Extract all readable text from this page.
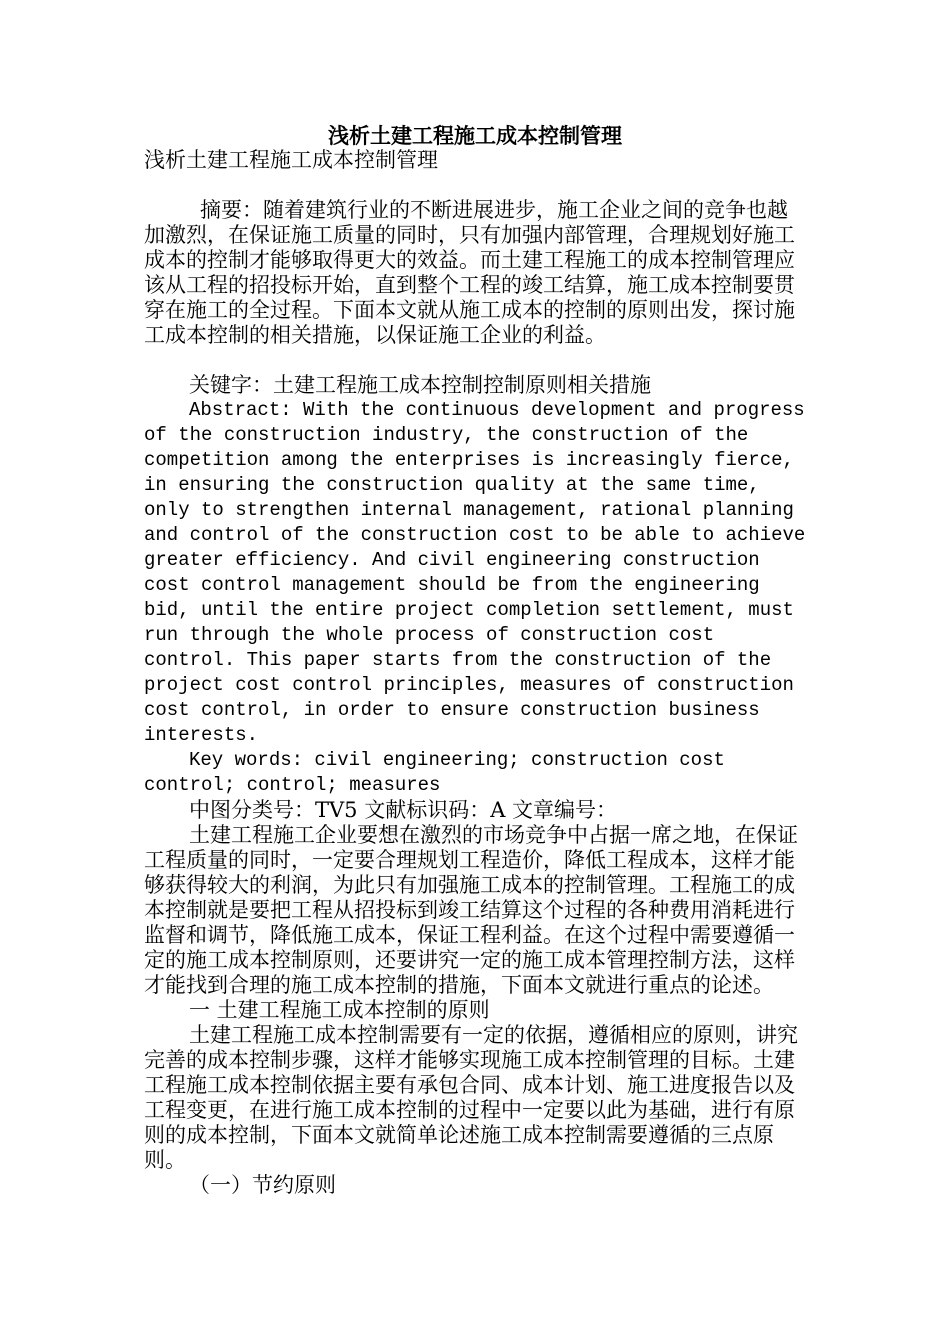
浅析土建工程施工成本控制管理

浅析土建工程施工成本控制管理

摘要：随着建筑行业的不断进展进步，施工企业之间的竞争也越加激烈，在保证施工质量的同时，只有加强内部管理，合理规划好施工成本的控制才能够取得更大的效益。而土建工程施工的成本控制管理应该从工程的招投标开始，直到整个工程的竣工结算，施工成本控制要贯穿在施工的全过程。下面本文就从施工成本的控制的原则出发，探讨施工成本控制的相关措施，以保证施工企业的利益。

关键字：土建工程施工成本控制控制原则相关措施

Abstract: With the continuous development and progress of the construction industry, the construction of the competition among the enterprises is increasingly fierce, in ensuring the construction quality at the same time, only to strengthen internal management, rational planning and control of the construction cost to be able to achieve greater efficiency. And civil engineering construction cost control management should be from the engineering bid, until the entire project completion settlement, must run through the whole process of construction cost control. This paper starts from the construction of the project cost control principles, measures of construction cost control, in order to ensure construction business interests.

Key words: civil engineering; construction cost control; control; measures

中图分类号：TV5 文献标识码：A 文章编号：

土建工程施工企业要想在激烈的市场竞争中占据一席之地，在保证工程质量的同时，一定要合理规划工程造价，降低工程成本，这样才能够获得较大的利润，为此只有加强施工成本的控制管理。工程施工的成本控制就是要把工程从招投标到竣工结算这个过程的各种费用消耗进行监督和调节，降低施工成本，保证工程利益。在这个过程中需要遵循一定的施工成本控制原则，还要讲究一定的施工成本管理控制方法，这样才能找到合理的施工成本控制的措施，下面本文就进行重点的论述。

一 土建工程施工成本控制的原则

土建工程施工成本控制需要有一定的依据，遵循相应的原则，讲究完善的成本控制步骤，这样才能够实现施工成本控制管理的目标。土建工程施工成本控制依据主要有承包合同、成本计划、施工进度报告以及工程变更，在进行施工成本控制的过程中一定要以此为基础，进行有原则的成本控制，下面本文就简单论述施工成本控制需要遵循的三点原则。

（一）节约原则
